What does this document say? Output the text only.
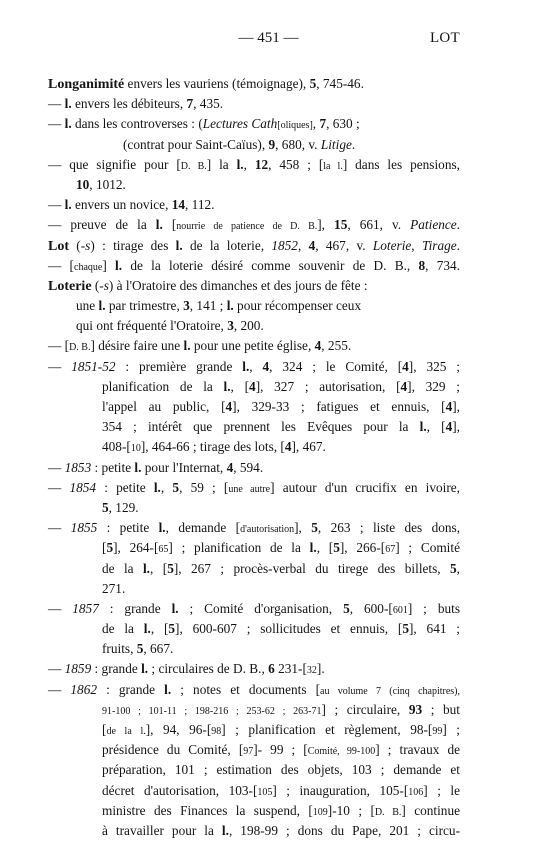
— 451 —	LOT
Longanimité envers les vauriens (témoignage), 5, 745-46.
— l. envers les débiteurs, 7, 435.
— l. dans les controverses : (Lectures Cath[oliques], 7, 630 ;
(contrat pour Saint-Caïus), 9, 680, v. Litige.
— que signifie pour [D. B.] la l., 12, 458 ; [la l.] dans les pensions,
10, 1012.
— l. envers un novice, 14, 112.
— preuve de la l. [nourrie de patience de D. B.], 15, 661, v. Patience.
Lot (-s) : tirage des l. de la loterie, 1852, 4, 467, v. Loterie, Tirage.
— [chaque] l. de la loterie désiré comme souvenir de D. B., 8, 734.
Loterie (-s) à l'Oratoire des dimanches et des jours de fête :
une l. par trimestre, 3, 141 ; l. pour récompenser ceux
qui ont fréquenté l'Oratoire, 3, 200.
— [D. B.] désire faire une l. pour une petite église, 4, 255.
— 1851-52 : première grande l., 4, 324 ; le Comité, [4], 325 ;
planification de la l., [4], 327 ; autorisation, [4], 329 ;
l'appel au public, [4], 329-33 ; fatigues et ennuis, [4],
354 ; intérêt que prennent les Evêques pour la l., [4],
408-[10], 464-66 ; tirage des lots, [4], 467.
— 1853 : petite l. pour l'Internat, 4, 594.
— 1854 : petite l., 5, 59 ; [une autre] autour d'un crucifix en ivoire,
5, 129.
— 1855 : petite l., demande [d'autorisation], 5, 263 ; liste des dons,
[5], 264-[65] ; planification de la l., [5], 266-[67] ; Comité
de la l., [5], 267 ; procès-verbal du tirege des billets, 5,
271.
— 1857 : grande l. ; Comité d'organisation, 5, 600-[601] ; buts
de la l., [5], 600-607 ; sollicitudes et ennuis, [5], 641 ;
fruits, 5, 667.
— 1859 : grande l. ; circulaires de D. B., 6 231-[32].
— 1862 : grande l. ; notes et documents [au volume 7 (cinq chapitres),
91-100 ; 101-11 ; 198-216 ; 253-62 ; 263-71] ; circulaire, 93 ; but
[de la l.], 94, 96-[98] ; planification et règlement, 98-[99] ;
présidence du Comité, [97]- 99 ; [Comité, 99-100] ; travaux de
préparation, 101 ; estimation des objets, 103 ; demande et
décret d'autorisation, 103-[105] ; inauguration, 105-[106] ; le
ministre des Finances la suspend, [109]-10 ; [D. B.] continue
à travailler pour la l., 198-99 ; dons du Pape, 201 ; circu-
